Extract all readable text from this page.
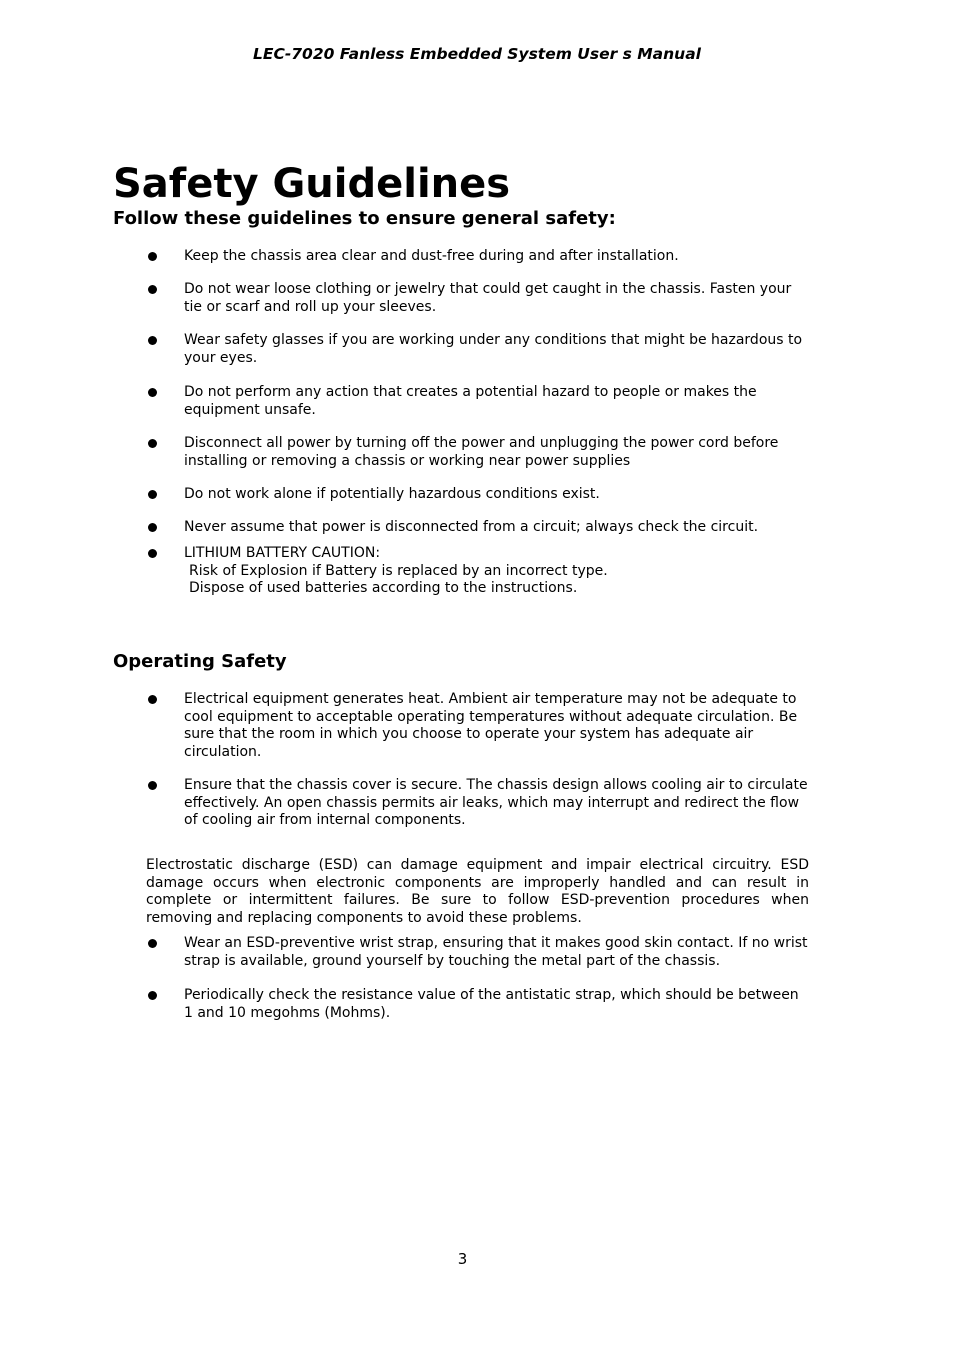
LEC-7020 Fanless Embedded System User s Manual
Safety Guidelines
Follow these guidelines to ensure general safety:
Keep the chassis area clear and dust-free during and after installation.
Do not wear loose clothing or jewelry that could get caught in the chassis. Fasten your tie or scarf and roll up your sleeves.
Wear safety glasses if you are working under any conditions that might be hazardous to your eyes.
Do not perform any action that creates a potential hazard to people or makes the equipment unsafe.
Disconnect all power by turning off the power and unplugging the power cord before installing or removing a chassis or working near power supplies
Do not work alone if potentially hazardous conditions exist.
Never assume that power is disconnected from a circuit; always check the circuit.
LITHIUM BATTERY CAUTION:
Risk of Explosion if Battery is replaced by an incorrect type.
Dispose of used batteries according to the instructions.
Operating Safety
Electrical equipment generates heat. Ambient air temperature may not be adequate to cool equipment to acceptable operating temperatures without adequate circulation. Be sure that the room in which you choose to operate your system has adequate air circulation.
Ensure that the chassis cover is secure. The chassis design allows cooling air to circulate effectively. An open chassis permits air leaks, which may interrupt and redirect the flow of cooling air from internal components.

Electrostatic discharge (ESD) can damage equipment and impair electrical circuitry. ESD damage occurs when electronic components are improperly handled and can result in complete or intermittent failures. Be sure to follow ESD-prevention procedures when removing and replacing components to avoid these problems.

Wear an ESD-preventive wrist strap, ensuring that it makes good skin contact. If no wrist strap is available, ground yourself by touching the metal part of the chassis.
Periodically check the resistance value of the antistatic strap, which should be between 1 and 10 megohms (Mohms).
3
